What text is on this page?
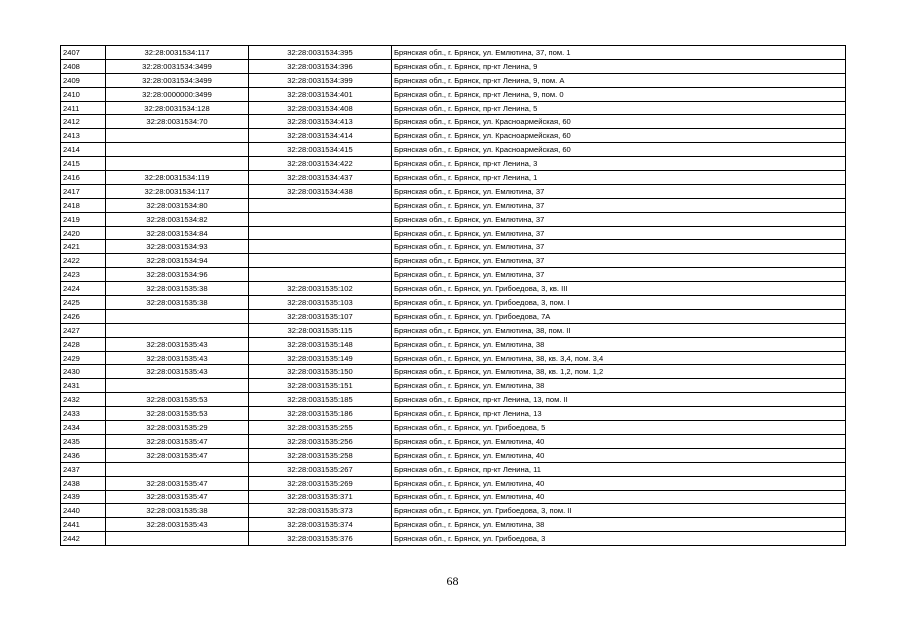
2407	32:28:0031534:117	32:28:0031534:395	Брянская обл., г. Брянск, ул. Емлютина, 37, пом. 1
2408	32:28:0031534:3499	32:28:0031534:396	Брянская обл., г. Брянск, пр-кт Ленина, 9
2409	32:28:0031534:3499	32:28:0031534:399	Брянская обл., г. Брянск, пр-кт Ленина, 9, пом. А
2410	32:28:0000000:3499	32:28:0031534:401	Брянская обл., г. Брянск, пр-кт Ленина, 9, пом. 0
2411	32:28:0031534:128	32:28:0031534:408	Брянская обл., г. Брянск, пр-кт Ленина, 5
2412	32:28:0031534:70	32:28:0031534:413	Брянская обл., г. Брянск, ул. Красноармейская, 60
2413		32:28:0031534:414	Брянская обл., г. Брянск, ул. Красноармейская, 60
2414		32:28:0031534:415	Брянская обл., г. Брянск, ул. Красноармейская, 60
2415		32:28:0031534:422	Брянская обл., г. Брянск, пр-кт Ленина, 3
2416	32:28:0031534:119	32:28:0031534:437	Брянская обл., г. Брянск, пр-кт Ленина, 1
2417	32:28:0031534:117	32:28:0031534:438	Брянская обл., г. Брянск, ул. Емлютина, 37
2418	32:28:0031534:80		Брянская обл., г. Брянск, ул. Емлютина, 37
2419	32:28:0031534:82		Брянская обл., г. Брянск, ул. Емлютина, 37
2420	32:28:0031534:84		Брянская обл., г. Брянск, ул. Емлютина, 37
2421	32:28:0031534:93		Брянская обл., г. Брянск, ул. Емлютина, 37
2422	32:28:0031534:94		Брянская обл., г. Брянск, ул. Емлютина, 37
2423	32:28:0031534:96		Брянская обл., г. Брянск, ул. Емлютина, 37
2424	32:28:0031535:38	32:28:0031535:102	Брянская обл., г. Брянск, ул. Грибоедова, 3, кв. III
2425	32:28:0031535:38	32:28:0031535:103	Брянская обл., г. Брянск, ул. Грибоедова, 3, пом. I
2426		32:28:0031535:107	Брянская обл., г. Брянск, ул. Грибоедова, 7А
2427		32:28:0031535:115	Брянская обл., г. Брянск, ул. Емлютина, 38, пом. II
2428	32:28:0031535:43	32:28:0031535:148	Брянская обл., г. Брянск, ул. Емлютина, 38
2429	32:28:0031535:43	32:28:0031535:149	Брянская обл., г. Брянск, ул. Емлютина, 38, кв. 3,4, пом. 3,4
2430	32:28:0031535:43	32:28:0031535:150	Брянская обл., г. Брянск, ул. Емлютина, 38, кв. 1,2, пом. 1,2
2431		32:28:0031535:151	Брянская обл., г. Брянск, ул. Емлютина, 38
2432	32:28:0031535:53	32:28:0031535:185	Брянская обл., г. Брянск, пр-кт Ленина, 13, пом. II
2433	32:28:0031535:53	32:28:0031535:186	Брянская обл., г. Брянск, пр-кт Ленина, 13
2434	32:28:0031535:29	32:28:0031535:255	Брянская обл., г. Брянск, ул. Грибоедова, 5
2435	32:28:0031535:47	32:28:0031535:256	Брянская обл., г. Брянск, ул. Емлютина, 40
2436	32:28:0031535:47	32:28:0031535:258	Брянская обл., г. Брянск, ул. Емлютина, 40
2437		32:28:0031535:267	Брянская обл., г. Брянск, пр-кт Ленина, 11
2438	32:28:0031535:47	32:28:0031535:269	Брянская обл., г. Брянск, ул. Емлютина, 40
2439	32:28:0031535:47	32:28:0031535:371	Брянская обл., г. Брянск, ул. Емлютина, 40
2440	32:28:0031535:38	32:28:0031535:373	Брянская обл., г. Брянск, ул. Грибоедова, 3, пом. II
2441	32:28:0031535:43	32:28:0031535:374	Брянская обл., г. Брянск, ул. Емлютина, 38
2442		32:28:0031535:376	Брянская обл., г. Брянск, ул. Грибоедова, 3
68
